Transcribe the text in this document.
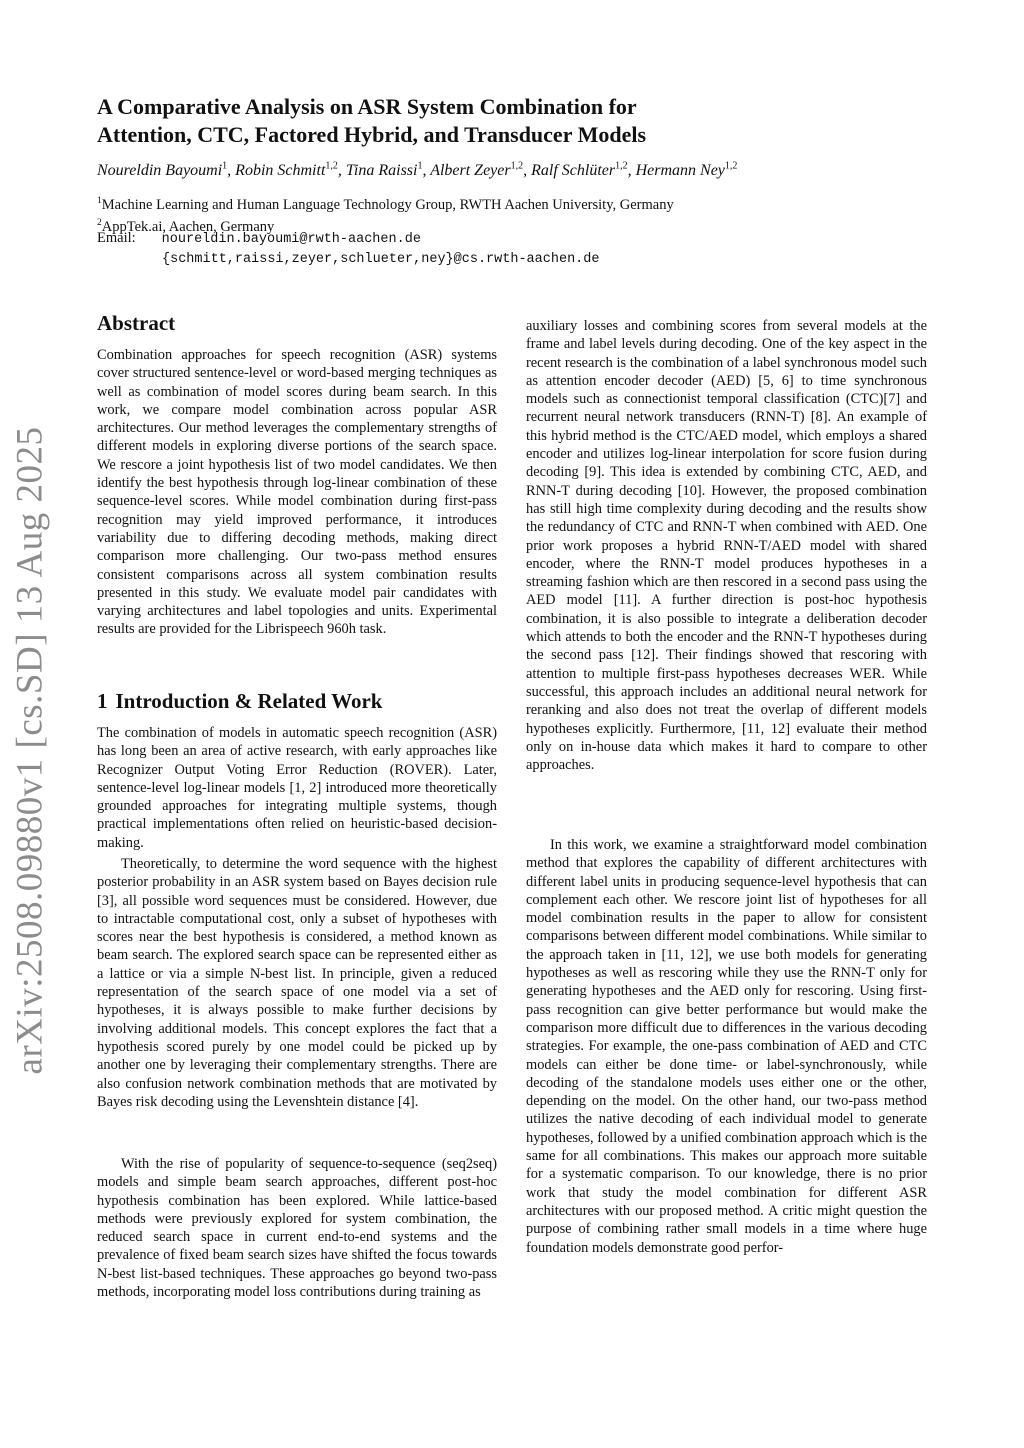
arXiv:2508.09880v1 [cs.SD] 13 Aug 2025
A Comparative Analysis on ASR System Combination for
Attention, CTC, Factored Hybrid, and Transducer Models

Noureldin Bayoumi$^1$, Robin Schmitt$^{1,2}$, Tina Raissi$^1$, Albert Zeyer$^{1,2}$, Ralf Schlüter$^{1,2}$, Hermann Ney$^{1,2}$

$^1$Machine Learning and Human Language Technology Group, RWTH Aachen University, Germany
$^2$AppTek.ai, Aachen, Germany
Email: noureldin.bayoumi@rwth-aachen.de
{schmitt,raissi,zeyer,schlueter,ney}@cs.rwth-aachen.de
Abstract

Combination approaches for speech recognition (ASR) systems cover structured sentence-level or word-based merging techniques as well as combination of model scores during beam search. In this work, we compare model combination across popular ASR architectures. Our method leverages the complementary strengths of different models in exploring diverse portions of the search space. We rescore a joint hypothesis list of two model candidates. We then identify the best hypothesis through log-linear combination of these sequence-level scores. While model combination during first-pass recognition may yield improved performance, it introduces variability due to differing decoding methods, making direct comparison more challenging. Our two-pass method ensures consistent comparisons across all system combination results presented in this study. We evaluate model pair candidates with varying architectures and label topologies and units. Experimental results are provided for the Librispeech 960h task.

1 Introduction & Related Work

The combination of models in automatic speech recognition (ASR) has long been an area of active research, with early approaches like Recognizer Output Voting Error Reduction (ROVER). Later, sentence-level log-linear models [1, 2] introduced more theoretically grounded approaches for integrating multiple systems, though practical implementations often relied on heuristic-based decision-making.

Theoretically, to determine the word sequence with the highest posterior probability in an ASR system based on Bayes decision rule [3], all possible word sequences must be considered. However, due to intractable computational cost, only a subset of hypotheses with scores near the best hypothesis is considered, a method known as beam search. The explored search space can be represented either as a lattice or via a simple N-best list. In principle, given a reduced representation of the search space of one model via a set of hypotheses, it is always possible to make further decisions by involving additional models. This concept explores the fact that a hypothesis scored purely by one model could be picked up by another one by leveraging their complementary strengths. There are also confusion network combination methods that are motivated by Bayes risk decoding using the Levenshtein distance [4].

With the rise of popularity of sequence-to-sequence (seq2seq) models and simple beam search approaches, different post-hoc hypothesis combination has been explored. While lattice-based methods were previously explored for system combination, the reduced search space in current end-to-end systems and the prevalence of fixed beam search sizes have shifted the focus towards N-best list-based techniques. These approaches go beyond two-pass methods, incorporating model loss contributions during training as

auxiliary losses and combining scores from several models at the frame and label levels during decoding. One of the key aspect in the recent research is the combination of a label synchronous model such as attention encoder decoder (AED) [5, 6] to time synchronous models such as connectionist temporal classification (CTC)[7] and recurrent neural network transducers (RNN-T) [8]. An example of this hybrid method is the CTC/AED model, which employs a shared encoder and utilizes log-linear interpolation for score fusion during decoding [9]. This idea is extended by combining CTC, AED, and RNN-T during decoding [10]. However, the proposed combination has still high time complexity during decoding and the results show the redundancy of CTC and RNN-T when combined with AED. One prior work proposes a hybrid RNN-T/AED model with shared encoder, where the RNN-T model produces hypotheses in a streaming fashion which are then rescored in a second pass using the AED model [11]. A further direction is post-hoc hypothesis combination, it is also possible to integrate a deliberation decoder which attends to both the encoder and the RNN-T hypotheses during the second pass [12]. Their findings showed that rescoring with attention to multiple first-pass hypotheses decreases WER. While successful, this approach includes an additional neural network for reranking and also does not treat the overlap of different models hypotheses explicitly. Furthermore, [11, 12] evaluate their method only on in-house data which makes it hard to compare to other approaches.

In this work, we examine a straightforward model combination method that explores the capability of different architectures with different label units in producing sequence-level hypothesis that can complement each other. We rescore joint list of hypotheses for all model combination results in the paper to allow for consistent comparisons between different model combinations. While similar to the approach taken in [11, 12], we use both models for generating hypotheses as well as rescoring while they use the RNN-T only for generating hypotheses and the AED only for rescoring. Using first-pass recognition can give better performance but would make the comparison more difficult due to differences in the various decoding strategies. For example, the one-pass combination of AED and CTC models can either be done time- or label-synchronously, while decoding of the standalone models uses either one or the other, depending on the model. On the other hand, our two-pass method utilizes the native decoding of each individual model to generate hypotheses, followed by a unified combination approach which is the same for all combinations. This makes our approach more suitable for a systematic comparison. To our knowledge, there is no prior work that study the model combination for different ASR architectures with our proposed method. A critic might question the purpose of combining rather small models in a time where huge foundation models demonstrate good perfor-
